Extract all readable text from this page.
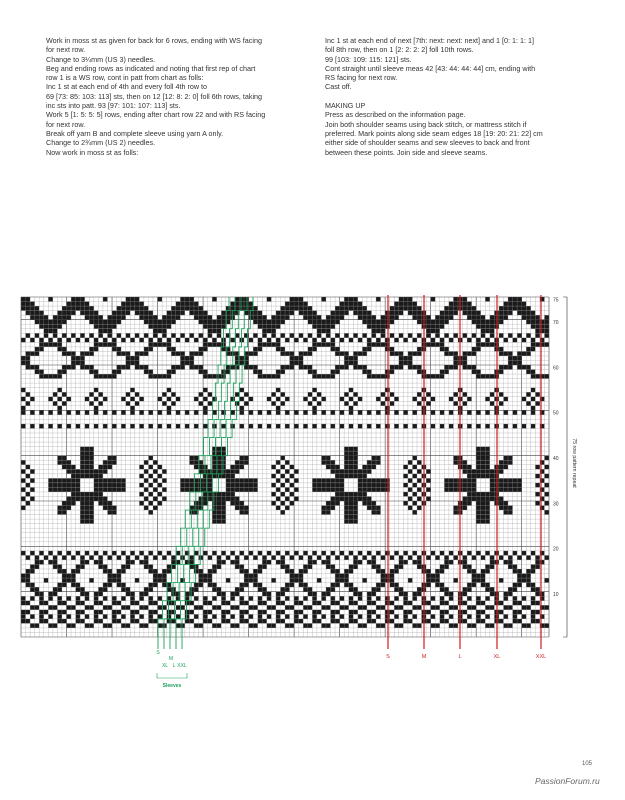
Work in moss st as given for back for 6 rows, ending with WS facing

for next row.

Change to 3¼mm (US 3) needles.

Beg and ending rows as indicated and noting that first rep of chart

row 1 is a WS row, cont in patt from chart as folls:

Inc 1 st at each end of 4th and every foll 4th row to

69 [73: 85: 103: 113] sts, then on 12 [12: 8: 2: 0] foll 6th rows, taking

inc sts into patt. 93 [97: 101: 107: 113] sts.

Work 5 [1: 5: 5: 5] rows, ending after chart row 22 and with RS facing

for next row.

Break off yarn B and complete sleeve using yarn A only.

Change to 2¾mm (US 2) needles.

Now work in moss st as folls:

Inc 1 st at each end of next [7th: next: next: next] and 1 [0: 1: 1: 1]

foll 8th row, then on 1 [2: 2: 2: 2] foll 10th rows.

99 [103: 109: 115: 121] sts.

Cont straight until sleeve meas 42 [43: 44: 44: 44] cm, ending with

RS facing for next row.

Cast off.

MAKING UP

Press as described on the information page.

Join both shoulder seams using back stitch, or mattress stitch if

preferred. Mark points along side seam edges 18 [19: 20: 21: 22] cm

either side of shoulder seams and sew sleeves to back and front

between these points. Join side and sleeve seams.

10
20
30
40
50
60
70
75
75 row pattern repeat
S	M	L	XL	XXL
S
M
XL L XXL
Sleeves
105
PassionForum.ru
